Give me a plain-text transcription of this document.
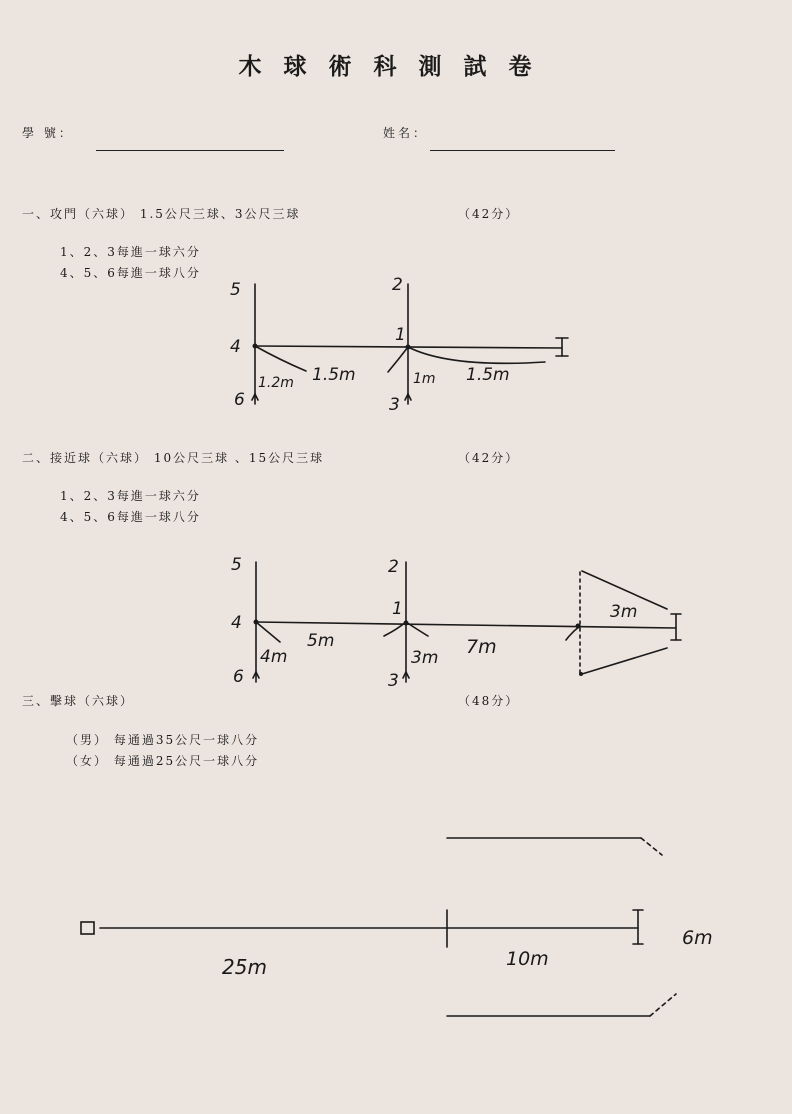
木球術科測試卷
學 號：	姓名：
一、攻門（六球） 1.5公尺三球、3公尺三球	（42分）
1、2、3每進一球六分
4、5、6每進一球八分
二、接近球（六球） 10公尺三球 、15公尺三球	（42分）
1、2、3每進一球六分
4、5、6每進一球八分
三、擊球（六球）	（48分）
（男） 每通過35公尺一球八分
（女） 每通過25公尺一球八分
5
4
6
2
1
3
1.2m 1.5m	1m 1.5m
5
4
6
2
1
3
4m
5m
3m 7m
3m
25m	10m
6m
